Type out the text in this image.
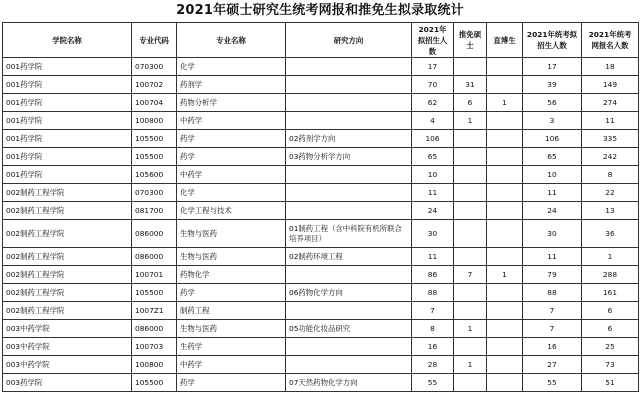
2021年硕士研究生统考网报和推免生拟录取统计
学院名称	专业代码	专业名称	研究方向	2021年拟招生人数	推免硕士	直博生	2021年统考拟招生人数	2021年统考网报名人数
001药学院	070300	化学		17			17	18
001药学院	100702	药剂学		70	31		39	149
001药学院	100704	药物分析学		62	6	1	56	274
001药学院	100800	中药学		4	1		3	11
001药学院	105500	药学	02药剂学方向	106			106	335
001药学院	105500	药学	03药物分析学方向	65			65	242
001药学院	105600	中药学		10			10	8
002制药工程学院	070300	化学		11			11	22
002制药工程学院	081700	化学工程与技术		24			24	13
002制药工程学院	086000	生物与医药	01制药工程（含中科院有机所联合培养项目）	30			30	36
002制药工程学院	086000	生物与医药	02制药环境工程	11			11	1
002制药工程学院	100701	药物化学		86	7	1	79	288
002制药工程学院	105500	药学	06药物化学方向	88			88	161
002制药工程学院	1007Z1	制药工程		7			7	6
003中药学院	086000	生物与医药	05功能化妆品研究	8	1		7	6
003中药学院	100703	生药学		16			16	25
003中药学院	100800	中药学		28	1		27	73
003药学院	105500	药学	07天然药物化学方向	55			55	51
